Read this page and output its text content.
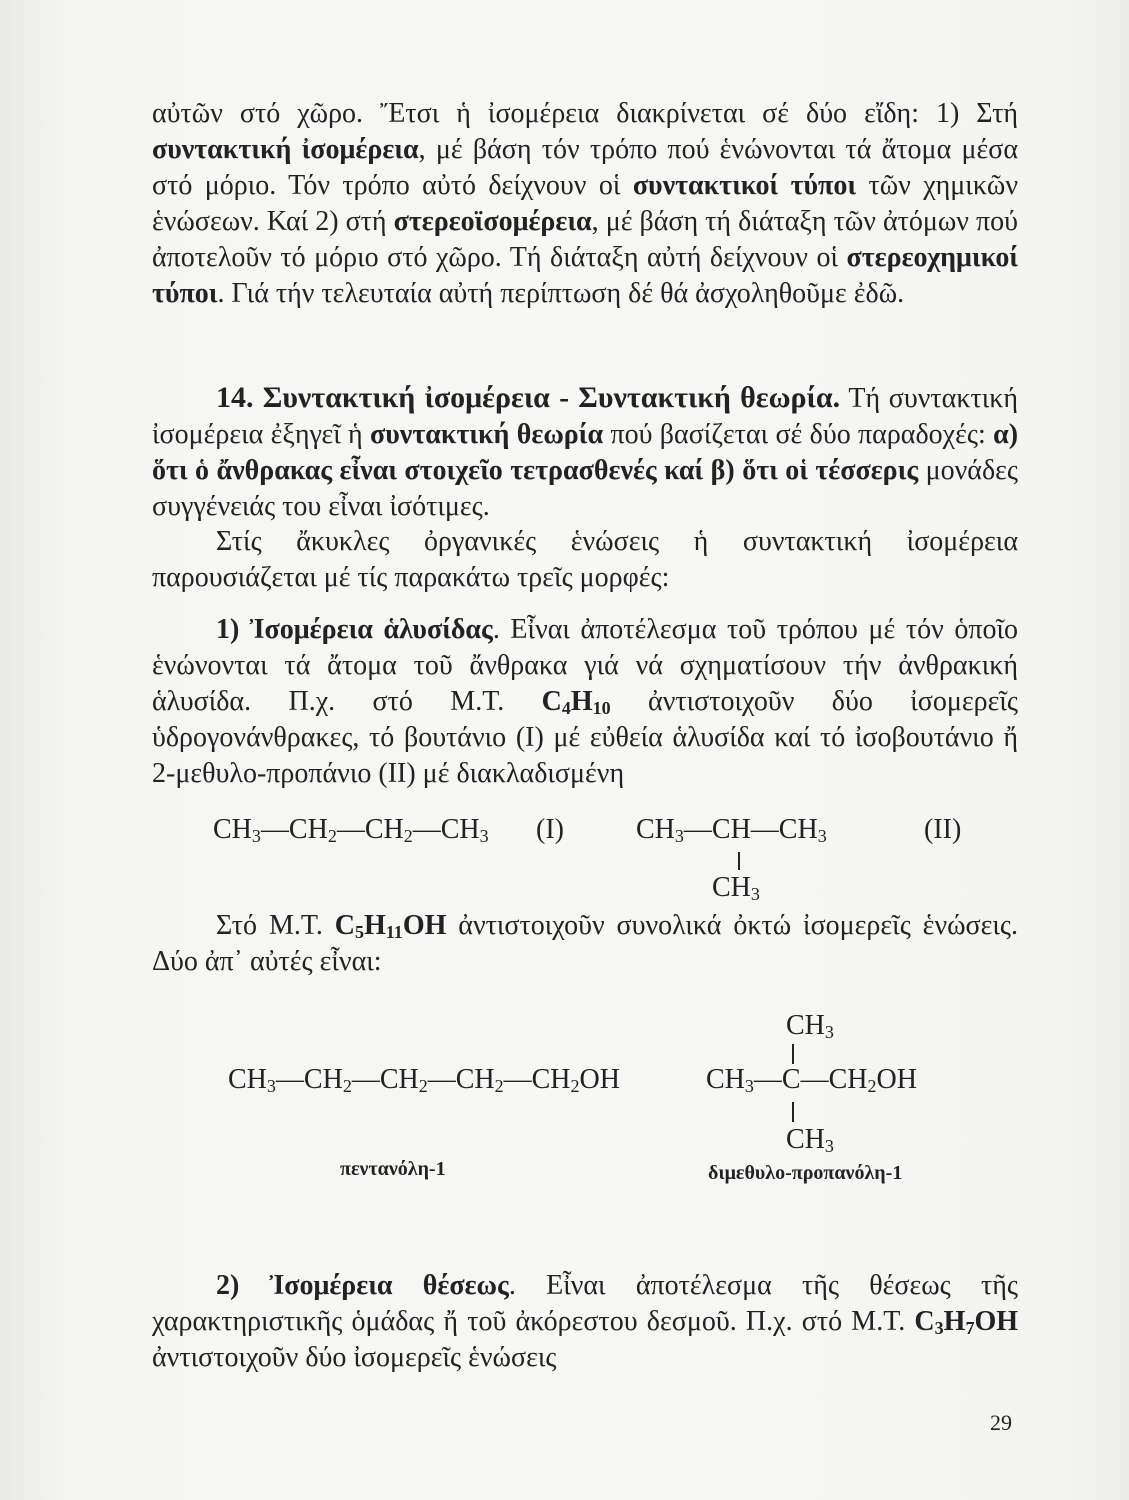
αὐτῶν στό χῶρο. Ἔτσι ἡ ἰσομέρεια διακρίνεται σέ δύο εἴδη: 1) Στή συντακτική ἰσομέρεια, μέ βάση τόν τρόπο πού ἑνώνονται τά ἄτομα μέσα στό μόριο. Τόν τρόπο αὐτό δείχνουν οἱ συντακτικοί τύποι τῶν χημικῶν ἑνώσεων. Καί 2) στή στερεοϊσομέρεια, μέ βάση τή διάταξη τῶν ἀτόμων πού ἀποτελοῦν τό μόριο στό χῶρο. Τή διάταξη αὐτή δείχνουν οἱ στερεοχημικοί τύποι. Γιά τήν τελευταία αὐτή περίπτωση δέ θά ἀσχοληθοῦμε ἐδῶ.
14. Συντακτική ἰσομέρεια - Συντακτική θεωρία. Τή συντακτική ἰσομέρεια ἐξηγεῖ ἡ συντακτική θεωρία πού βασίζεται σέ δύο παραδοχές: α) ὅτι ὁ ἄνθρακας εἶναι στοιχεῖο τετρασθενές καί β) ὅτι οἱ τέσσερις μονάδες συγγένειάς του εἶναι ἰσότιμες.
Στίς ἄκυκλες ὀργανικές ἑνώσεις ἡ συντακτική ἰσομέρεια παρουσιάζεται μέ τίς παρακάτω τρεῖς μορφές:
1) Ἰσομέρεια ἁλυσίδας. Εἶναι ἀποτέλεσμα τοῦ τρόπου μέ τόν ὁποῖο ἑνώνονται τά ἄτομα τοῦ ἄνθρακα γιά νά σχηματίσουν τήν ἀνθρακική ἁλυσίδα. Π.χ. στό Μ.Τ. $C_4H_{10}$ ἀντιστοιχοῦν δύο ἰσομερεῖς ὑδρογονάνθρακες, τό βουτάνιο (Ι) μέ εὐθεία ἁλυσίδα καί τό ἰσοβουτάνιο ἤ 2-μεθυλο-προπάνιο (ΙΙ) μέ διακλαδισμένη
$CH_3—CH_2—CH_2—CH_3$ (I)	$CH_3—CH—CH_3$
$CH_3$
(II)
Στό Μ.Τ. $C_5H_{11}OH$ ἀντιστοιχοῦν συνολικά ὀκτώ ἰσομερεῖς ἑνώσεις. Δύο ἀπ᾽ αὐτές εἶναι:
$CH_3—CH_2—CH_2—CH_2—CH_2OH$
πεντανόλη-1
$CH_3$
$CH_3—C—CH_2OH$
$CH_3$
διμεθυλο-προπανόλη-1
2) Ἰσομέρεια θέσεως. Εἶναι ἀποτέλεσμα τῆς θέσεως τῆς χαρακτηριστικῆς ὁμάδας ἤ τοῦ ἀκόρεστου δεσμοῦ. Π.χ. στό Μ.Τ. $C_3H_7OH$ ἀντιστοιχοῦν δύο ἰσομερεῖς ἑνώσεις
29
